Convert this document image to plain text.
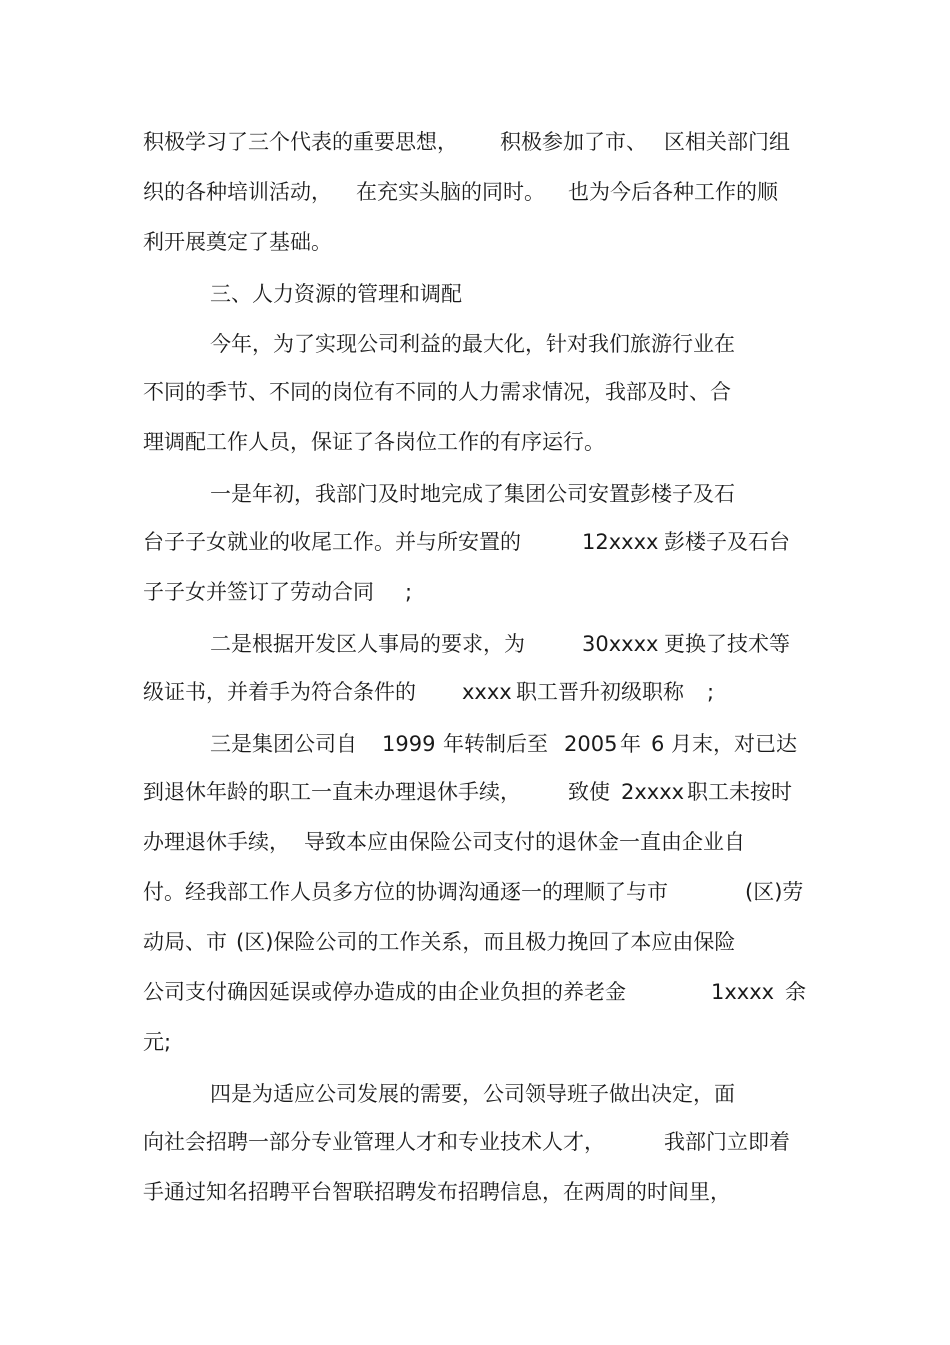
积极学习了三个代表的重要思想，

积极参加了市、

区相关部门组

织的各种培训活动，

在充实头脑的同时。

也为今后各种工作的顺

利开展奠定了基础。

三、人力资源的管理和调配

今年，为了实现公司利益的最大化，针对我们旅游行业在

不同的季节、不同的岗位有不同的人力需求情况，我部及时、合

理调配工作人员，保证了各岗位工作的有序运行。

一是年初，我部门及时地完成了集团公司安置彭楼子及石

台子子女就业的收尾工作。并与所安置的

	12xxxx

彭楼子及石台

子子女并签订了劳动合同

;

二是根据开发区人事局的要求，为

	30xxxx

更换了技术等

级证书，并着手为符合条件的

xxxx

职工晋升初级职称

;

三是集团公司自

1999

年转制后至

2005

年

6

月末，对已达

到退休年龄的职工一直未办理退休手续，

致使

2xxxx

职工未按时

办理退休手续，

导致本应由保险公司支付的退休金一直由企业自

付。经我部工作人员多方位的协调沟通逐一的理顺了与市

	(区)劳

动局、市

(区)保险公司的工作关系，而且极力挽回了本应由保险

公司支付确因延误或停办造成的由企业负担的养老金

	1xxxx

余

元;

四是为适应公司发展的需要，公司领导班子做出决定，面

向社会招聘一部分专业管理人才和专业技术人才，

	我部门立即着

手通过知名招聘平台智联招聘发布招聘信息，在两周的时间里，
